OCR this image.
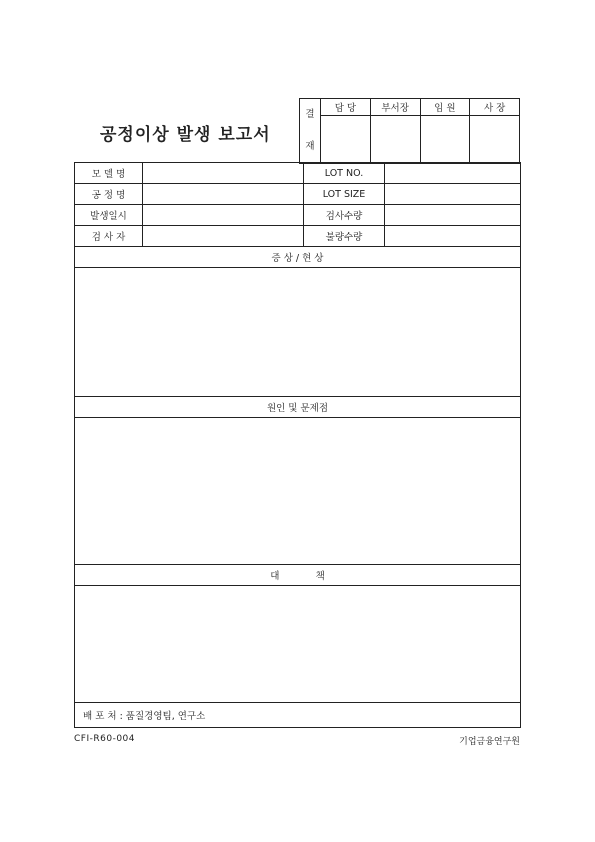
공정이상 발생 보고서
결
재	담 당	부서장	임 원	사 장

모 델 명		LOT NO.	
공 정 명		LOT SIZE	
발생일시		검사수량	
검 사 자		불량수량	
증 상 / 현 상			

원인 및 문제점			

대            책			

배 포 처 : 품질경영팀, 연구소			
CFI-R60-004	기업금융연구원
